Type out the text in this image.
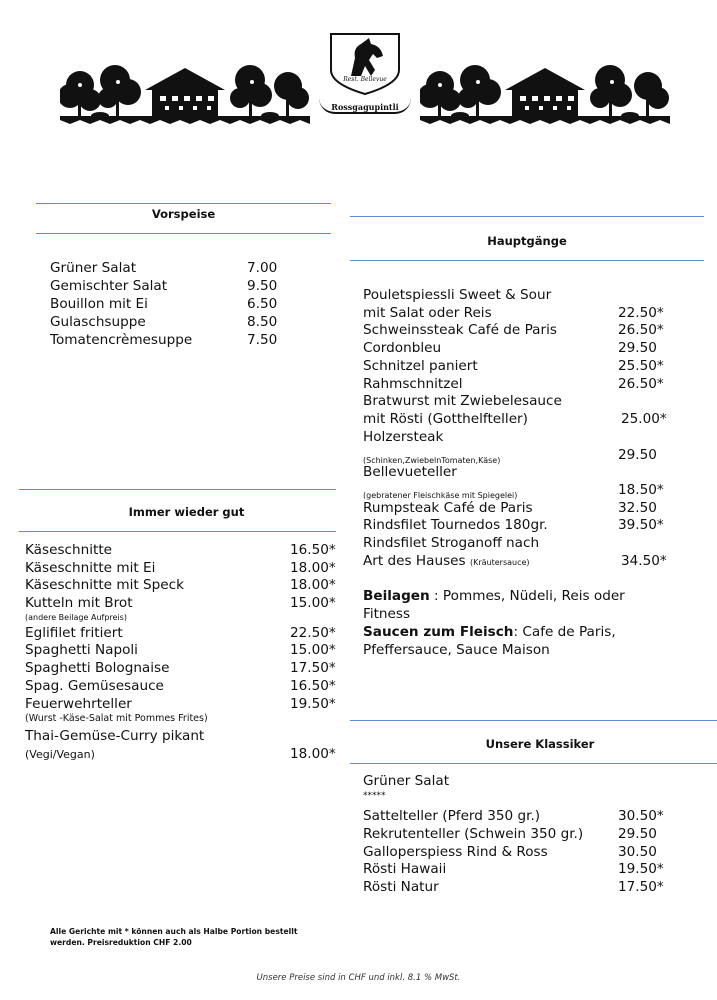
Rest. Bellevue
Rossgagupintli
Vorspeise
Grüner Salat	7.00
Gemischter Salat	9.50
Bouillon mit Ei	6.50
Gulaschsuppe	8.50
Tomatencrèmesuppe	7.50
Immer wieder gut
Käseschnitte	16.50*
Käseschnitte mit Ei	18.00*
Käseschnitte mit Speck	18.00*
Kutteln mit Brot	15.00*
(andere Beilage Aufpreis)
Eglifilet fritiert	22.50*
Spaghetti Napoli	15.00*
Spaghetti Bolognaise	17.50*
Spag. Gemüsesauce	16.50*
Feuerwehrteller	19.50*
(Wurst -Käse-Salat mit Pommes Frites)
Thai-Gemüse-Curry pikant
(Vegi/Vegan)	18.00*
Hauptgänge
Pouletspiessli Sweet & Sour
mit Salat oder Reis	22.50*
Schweinssteak Café de Paris	26.50*
Cordonbleu	29.50
Schnitzel paniert	25.50*
Rahmschnitzel	26.50*
Bratwurst mit Zwiebelesauce
mit Rösti (Gotthelfteller)	25.00*
Holzersteak
(Schinken,ZwiebelnTomaten,Käse)	29.50
Bellevueteller
(gebratener Fleischkäse mit Spiegelei)	18.50*
Rumpsteak Café de Paris	32.50
Rindsfilet Tournedos 180gr.	39.50*
Rindsfilet Stroganoff nach
Art des Hauses (Kräutersauce)	34.50*
Beilagen : Pommes, Nüdeli, Reis oder
Fitness
Saucen zum Fleisch: Cafe de Paris,
Pfeffersauce, Sauce Maison
Unsere Klassiker
Grüner Salat
*****
Sattelteller (Pferd 350 gr.)	30.50*
Rekrutenteller (Schwein 350 gr.)	29.50
Galloperspiess Rind & Ross	30.50
Rösti Hawaii	19.50*
Rösti Natur	17.50*
Alle Gerichte mit * können auch als Halbe Portion bestellt
werden. Preisreduktion CHF 2.00
Unsere Preise sind in CHF und inkl. 8.1 % MwSt.
